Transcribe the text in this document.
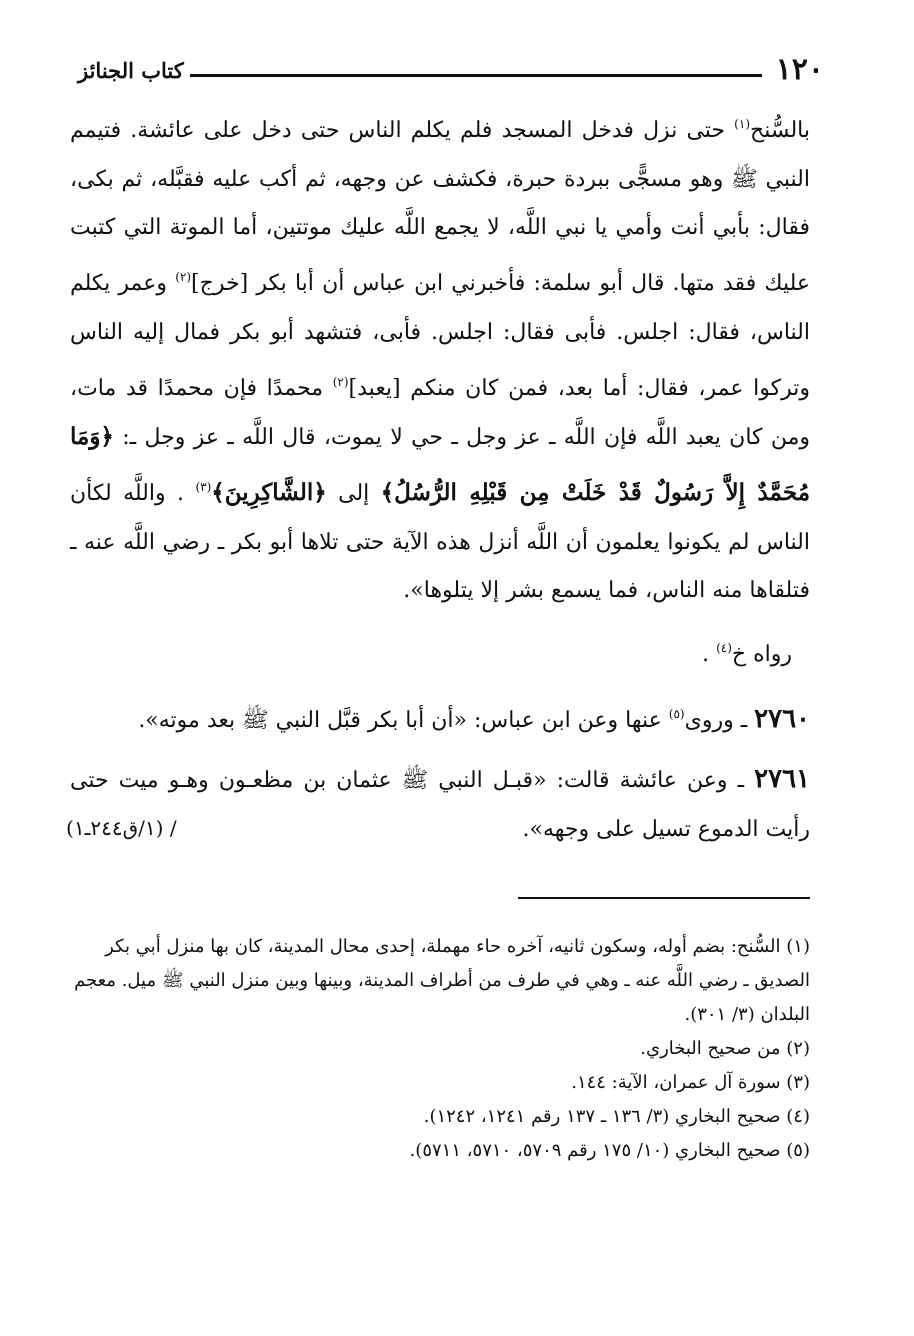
١٢٠
كتاب الجنائز

بالسُّنح$^{(١)}$ حتى نزل فدخل المسجد فلم يكلم الناس حتى دخل على عائشة. فتيمم النبي ﷺ وهو مسجًّى ببردة حبرة، فكشف عن وجهه، ثم أكب عليه فقبَّله، ثم بكى، فقال: بأبي أنت وأمي يا نبي اللَّه، لا يجمع اللَّه عليك موتتين، أما الموتة التي كتبت عليك فقد متها. قال أبو سلمة: فأخبرني ابن عباس أن أبا بكر [خرج]$^{(٢)}$ وعمر يكلم الناس، فقال: اجلس. فأبى فقال: اجلس. فأبى، فتشهد أبو بكر فمال إليه الناس وتركوا عمر، فقال: أما بعد، فمن كان منكم [يعبد]$^{(٢)}$ محمدًا فإن محمدًا قد مات، ومن كان يعبد اللَّه فإن اللَّه ـ عز وجل ـ حي لا يموت، قال اللَّه ـ عز وجل ـ: ﴿وَمَا مُحَمَّدٌ إِلاَّ رَسُولٌ قَدْ خَلَتْ مِن قَبْلِهِ الرُّسُلُ﴾ إلى ﴿الشَّاكِرِينَ﴾$^{(٣)}$ . واللَّه لكأن الناس لم يكونوا يعلمون أن اللَّه أنزل هذه الآية حتى تلاها أبو بكر ـ رضي اللَّه عنه ـ فتلقاها منه الناس، فما يسمع بشر إلا يتلوها».

رواه خ$^{(٤)}$ .

٢٧٦٠ ـ وروى$^{(٥)}$ عنها وعن ابن عباس: «أن أبا بكر قبَّل النبي ﷺ بعد موته».

٢٧٦١ ـ وعن عائشة قالت: «قبـل النبي ﷺ عثمان بن مظعـون وهـو ميت حتى رأيت الدموع تسيل على وجهه».
(١/ق٢٤٤ـ١) /

(١) السُّنح: بضم أوله، وسكون ثانيه، آخره حاء مهملة، إحدى محال المدينة، كان بها منزل أبي بكر الصديق ـ رضي اللَّه عنه ـ وهي في طرف من أطراف المدينة، وبينها وبين منزل النبي ﷺ ميل. معجم البلدان (٣/ ٣٠١).

(٢) من صحيح البخاري.

(٣) سورة آل عمران، الآية: ١٤٤.

(٤) صحيح البخاري (٣/ ١٣٦ ـ ١٣٧ رقم ١٢٤١، ١٢٤٢).

(٥) صحيح البخاري (١٠/ ١٧٥ رقم ٥٧٠٩، ٥٧١٠، ٥٧١١).
